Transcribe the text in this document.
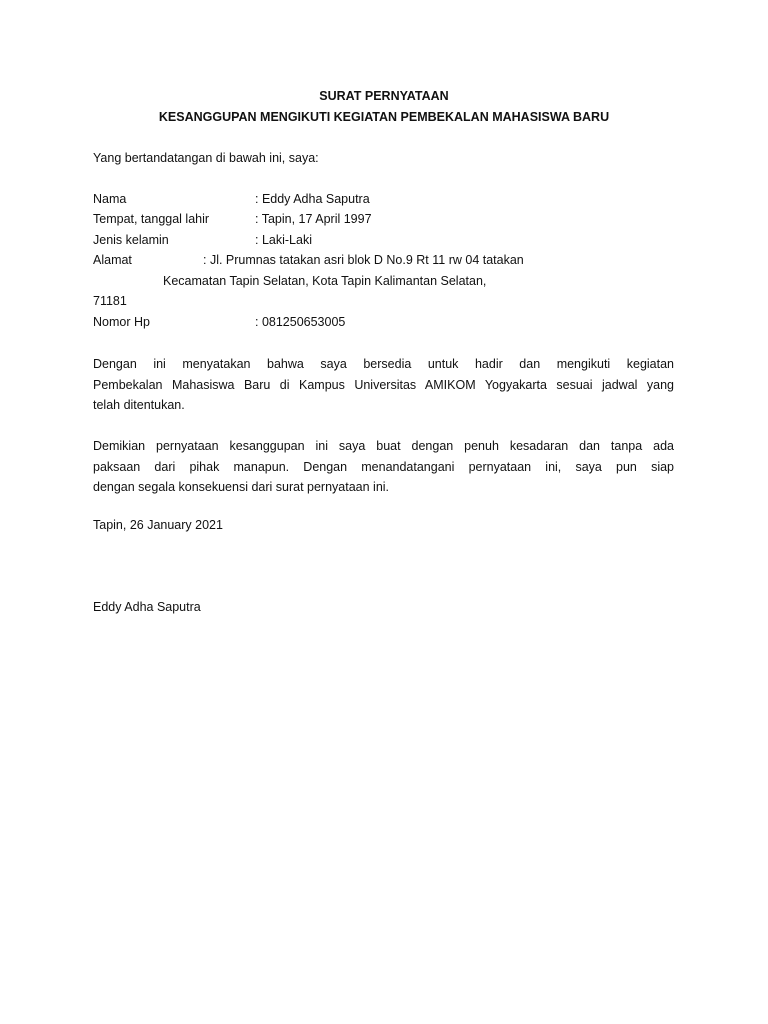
SURAT PERNYATAAN
KESANGGUPAN MENGIKUTI KEGIATAN PEMBEKALAN MAHASISWA BARU
Yang bertandatangan di bawah ini, saya:
Nama	: Eddy Adha Saputra
Tempat, tanggal lahir	: Tapin, 17 April 1997
Jenis kelamin	: Laki-Laki
Alamat	: Jl. Prumnas tatakan asri blok D No.9 Rt 11 rw 04 tatakan
Kecamatan Tapin Selatan, Kota Tapin Kalimantan Selatan,
71181
Nomor Hp	: 081250653005
Dengan ini menyatakan bahwa saya bersedia untuk hadir dan mengikuti kegiatan
Pembekalan Mahasiswa Baru di Kampus Universitas AMIKOM Yogyakarta sesuai jadwal yang
telah ditentukan.
Demikian pernyataan kesanggupan ini saya buat dengan penuh kesadaran dan tanpa ada
paksaan dari pihak manapun. Dengan menandatangani pernyataan ini, saya pun siap
dengan segala konsekuensi dari surat pernyataan ini.
Tapin, 26 January 2021
Eddy Adha Saputra
